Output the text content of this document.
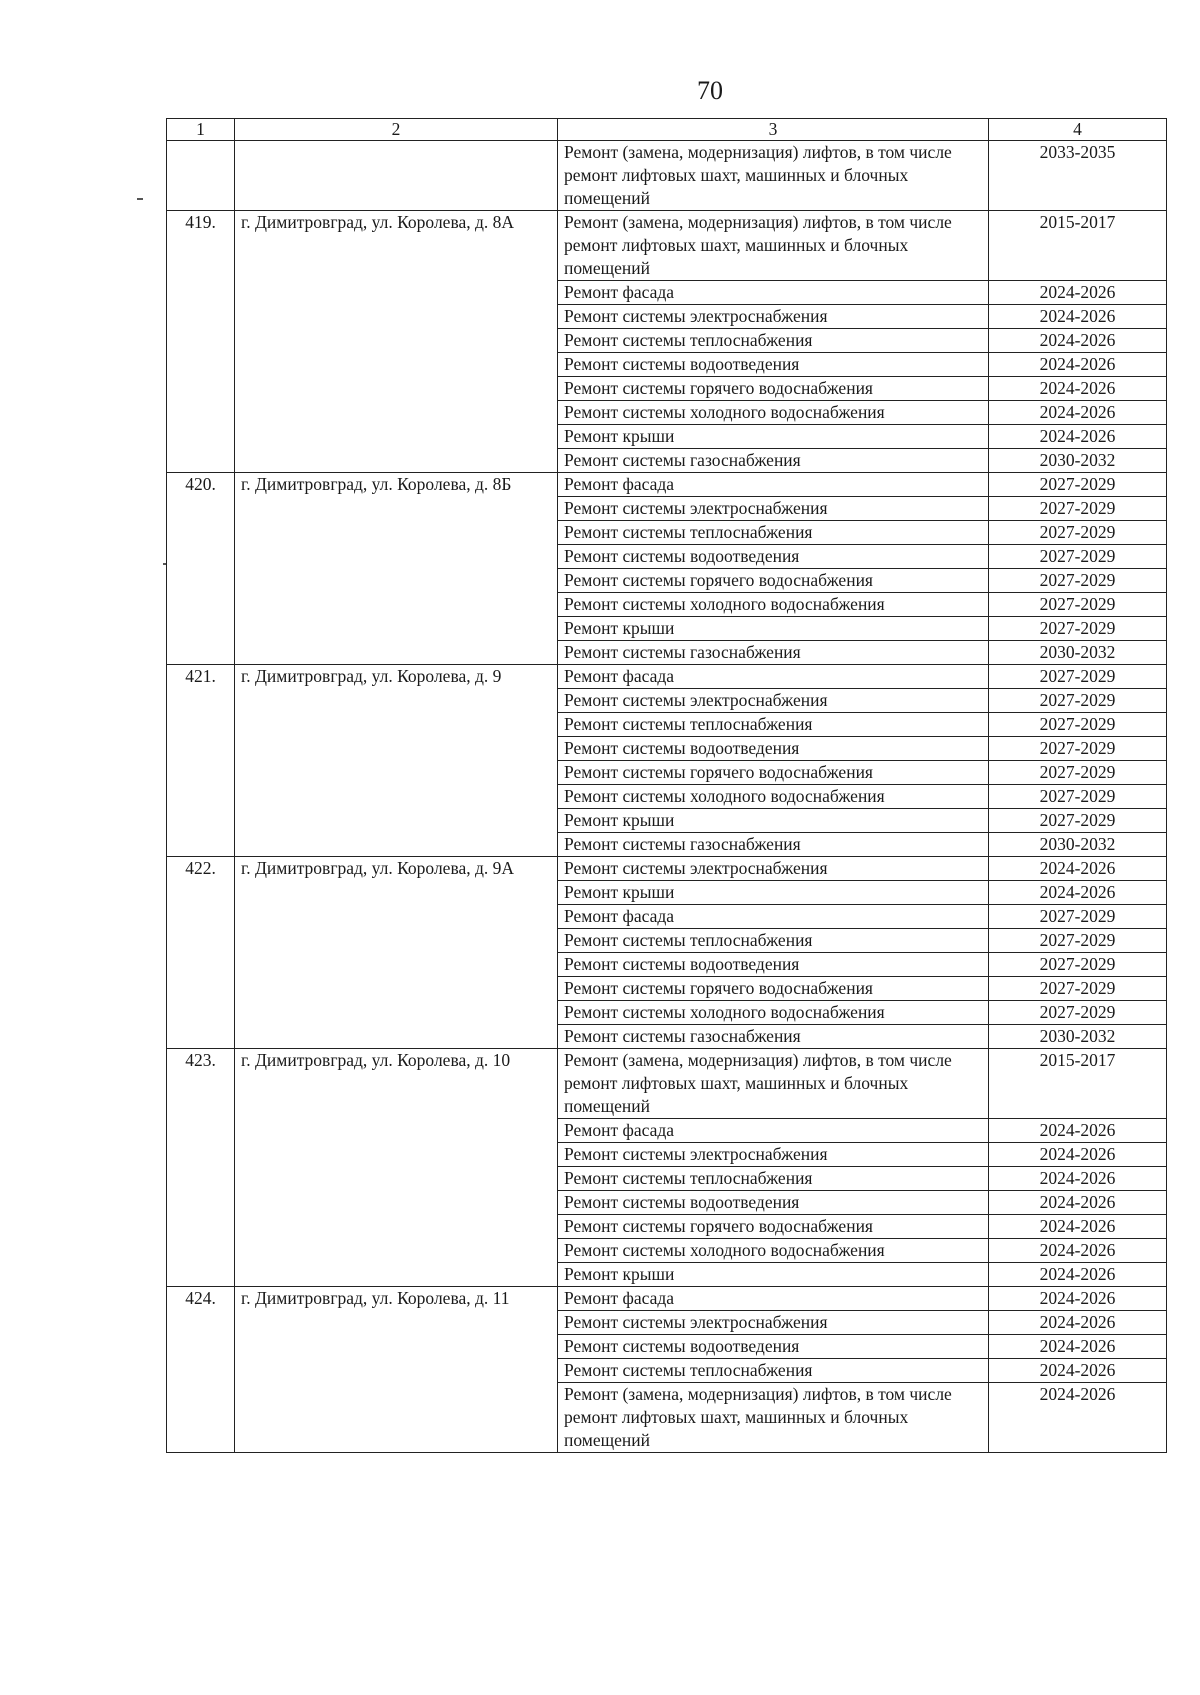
70
1	2	3	4
		Ремонт (замена, модернизация) лифтов, в том числе ремонт лифтовых шахт, машинных и блочных помещений	2033-2035
419.	г. Димитровград, ул. Королева, д. 8А	Ремонт (замена, модернизация) лифтов, в том числе ремонт лифтовых шахт, машинных и блочных помещений	2015-2017
		Ремонт фасада	2024-2026
		Ремонт системы электроснабжения	2024-2026
		Ремонт системы теплоснабжения	2024-2026
		Ремонт системы водоотведения	2024-2026
		Ремонт системы горячего водоснабжения	2024-2026
		Ремонт системы холодного водоснабжения	2024-2026
		Ремонт крыши	2024-2026
		Ремонт системы газоснабжения	2030-2032
420.	г. Димитровград, ул. Королева, д. 8Б	Ремонт фасада	2027-2029
		Ремонт системы электроснабжения	2027-2029
		Ремонт системы теплоснабжения	2027-2029
		Ремонт системы водоотведения	2027-2029
		Ремонт системы горячего водоснабжения	2027-2029
		Ремонт системы холодного водоснабжения	2027-2029
		Ремонт крыши	2027-2029
		Ремонт системы газоснабжения	2030-2032
421.	г. Димитровград, ул. Королева, д. 9	Ремонт фасада	2027-2029
		Ремонт системы электроснабжения	2027-2029
		Ремонт системы теплоснабжения	2027-2029
		Ремонт системы водоотведения	2027-2029
		Ремонт системы горячего водоснабжения	2027-2029
		Ремонт системы холодного водоснабжения	2027-2029
		Ремонт крыши	2027-2029
		Ремонт системы газоснабжения	2030-2032
422.	г. Димитровград, ул. Королева, д. 9А	Ремонт системы электроснабжения	2024-2026
		Ремонт крыши	2024-2026
		Ремонт фасада	2027-2029
		Ремонт системы теплоснабжения	2027-2029
		Ремонт системы водоотведения	2027-2029
		Ремонт системы горячего водоснабжения	2027-2029
		Ремонт системы холодного водоснабжения	2027-2029
		Ремонт системы газоснабжения	2030-2032
423.	г. Димитровград, ул. Королева, д. 10	Ремонт (замена, модернизация) лифтов, в том числе ремонт лифтовых шахт, машинных и блочных помещений	2015-2017
		Ремонт фасада	2024-2026
		Ремонт системы электроснабжения	2024-2026
		Ремонт системы теплоснабжения	2024-2026
		Ремонт системы водоотведения	2024-2026
		Ремонт системы горячего водоснабжения	2024-2026
		Ремонт системы холодного водоснабжения	2024-2026
		Ремонт крыши	2024-2026
424.	г. Димитровград, ул. Королева, д. 11	Ремонт фасада	2024-2026
		Ремонт системы электроснабжения	2024-2026
		Ремонт системы водоотведения	2024-2026
		Ремонт системы теплоснабжения	2024-2026
		Ремонт (замена, модернизация) лифтов, в том числе ремонт лифтовых шахт, машинных и блочных помещений	2024-2026
